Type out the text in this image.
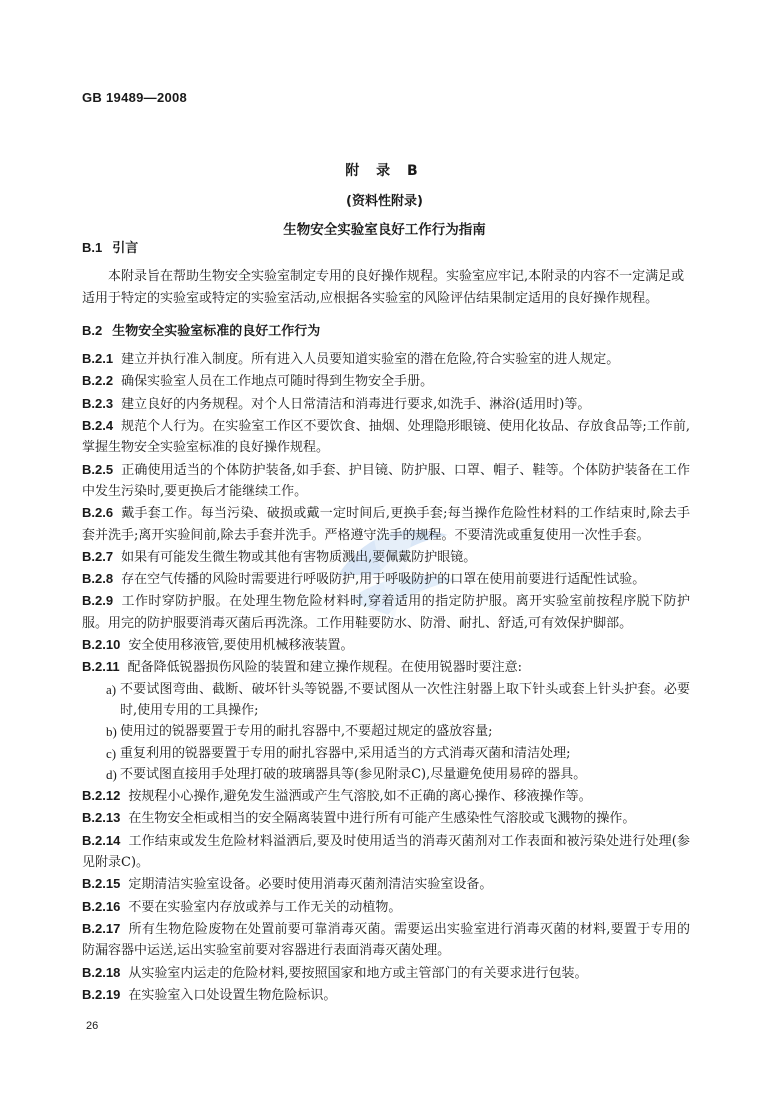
GB 19489—2008
附 录 B
(资料性附录)
生物安全实验室良好工作行为指南
B.1 引言
本附录旨在帮助生物安全实验室制定专用的良好操作规程。实验室应牢记,本附录的内容不一定满足或适用于特定的实验室或特定的实验室活动,应根据各实验室的风险评估结果制定适用的良好操作规程。
B.2 生物安全实验室标准的良好工作行为
B.2.1 建立并执行准入制度。所有进入人员要知道实验室的潜在危险,符合实验室的进人规定。
B.2.2 确保实验室人员在工作地点可随时得到生物安全手册。
B.2.3 建立良好的内务规程。对个人日常清洁和消毒进行要求,如洗手、淋浴(适用时)等。
B.2.4 规范个人行为。在实验室工作区不要饮食、抽烟、处理隐形眼镜、使用化妆品、存放食品等;工作前,掌握生物安全实验室标准的良好操作规程。
B.2.5 正确使用适当的个体防护装备,如手套、护目镜、防护服、口罩、帽子、鞋等。个体防护装备在工作中发生污染时,要更换后才能继续工作。
B.2.6 戴手套工作。每当污染、破损或戴一定时间后,更换手套;每当操作危险性材料的工作结束时,除去手套并洗手;离开实验间前,除去手套并洗手。严格遵守洗手的规程。不要清洗或重复使用一次性手套。
B.2.7 如果有可能发生微生物或其他有害物质溅出,要佩戴防护眼镜。
B.2.8 存在空气传播的风险时需要进行呼吸防护,用于呼吸防护的口罩在使用前要进行适配性试验。
B.2.9 工作时穿防护服。在处理生物危险材料时,穿着适用的指定防护服。离开实验室前按程序脱下防护服。用完的防护服要消毒灭菌后再洗涤。工作用鞋要防水、防滑、耐扎、舒适,可有效保护脚部。
B.2.10 安全使用移液管,要使用机械移液装置。
B.2.11 配备降低锐器损伤风险的装置和建立操作规程。在使用锐器时要注意:
a) 不要试图弯曲、截断、破坏针头等锐器,不要试图从一次性注射器上取下针头或套上针头护套。必要时,使用专用的工具操作;
b) 使用过的锐器要置于专用的耐扎容器中,不要超过规定的盛放容量;
c) 重复利用的锐器要置于专用的耐扎容器中,采用适当的方式消毒灭菌和清洁处理;
d) 不要试图直接用手处理打破的玻璃器具等(参见附录C),尽量避免使用易碎的器具。
B.2.12 按规程小心操作,避免发生溢洒或产生气溶胶,如不正确的离心操作、移液操作等。
B.2.13 在生物安全柜或相当的安全隔离装置中进行所有可能产生感染性气溶胶或飞溅物的操作。
B.2.14 工作结束或发生危险材料溢洒后,要及时使用适当的消毒灭菌剂对工作表面和被污染处进行处理(参见附录C)。
B.2.15 定期清洁实验室设备。必要时使用消毒灭菌剂清洁实验室设备。
B.2.16 不要在实验室内存放或养与工作无关的动植物。
B.2.17 所有生物危险废物在处置前要可靠消毒灭菌。需要运出实验室进行消毒灭菌的材料,要置于专用的防漏容器中运送,运出实验室前要对容器进行表面消毒灭菌处理。
B.2.18 从实验室内运走的危险材料,要按照国家和地方或主管部门的有关要求进行包装。
B.2.19 在实验室入口处设置生物危险标识。
26
